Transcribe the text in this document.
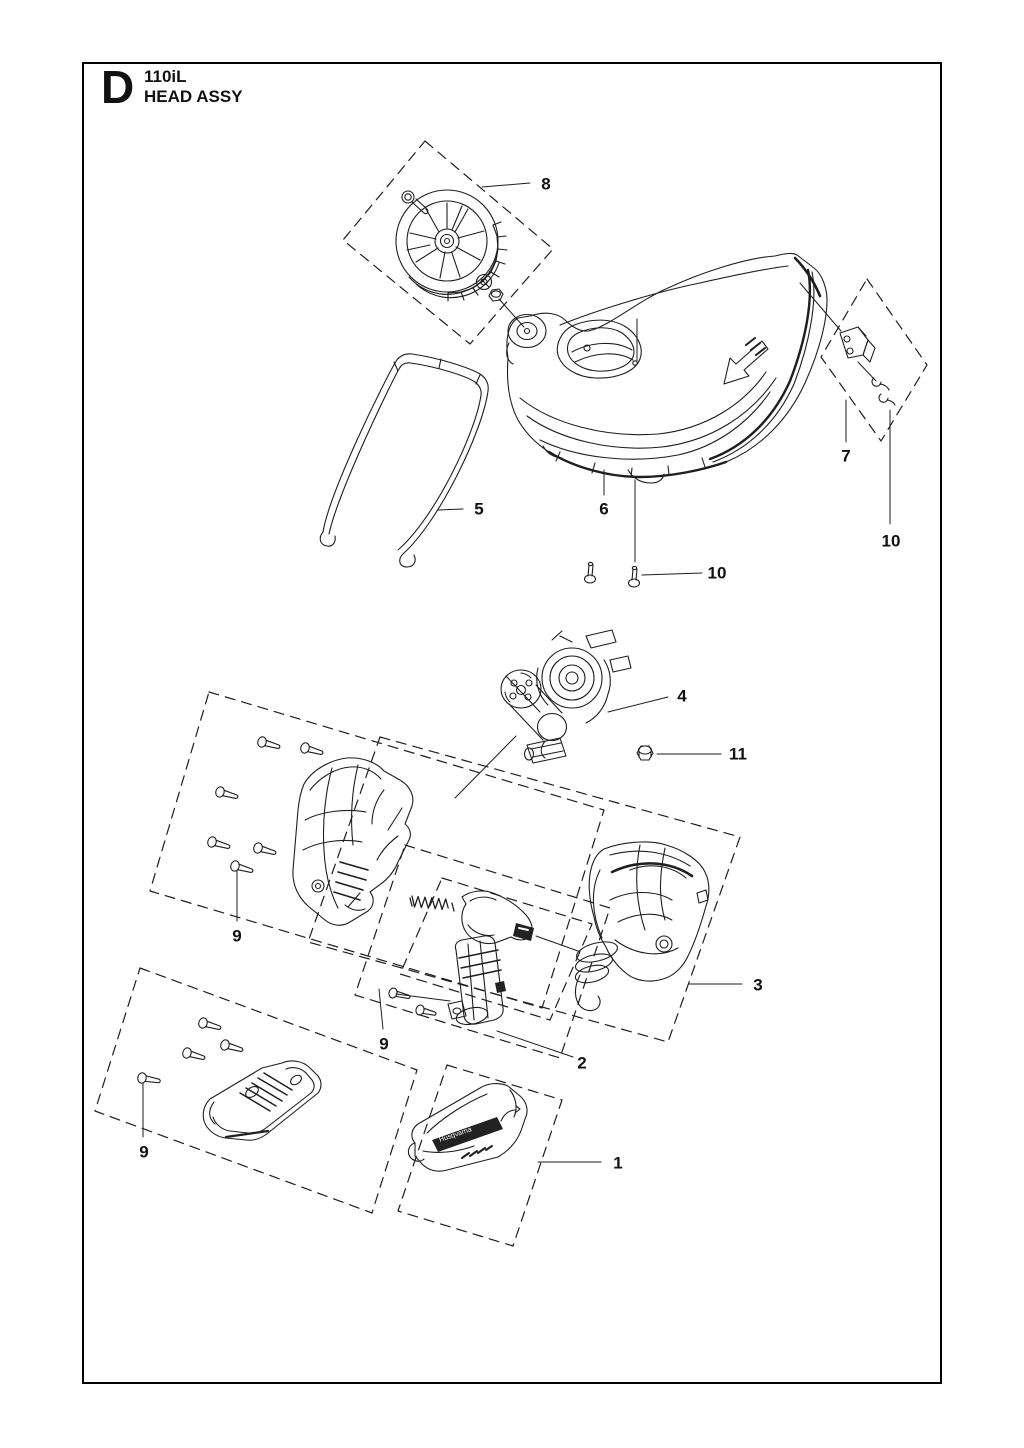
D 110iL
HEAD ASSY
Husqvarna
8
5	6
7
10
10
4
11
9
3
9
2
9
1
